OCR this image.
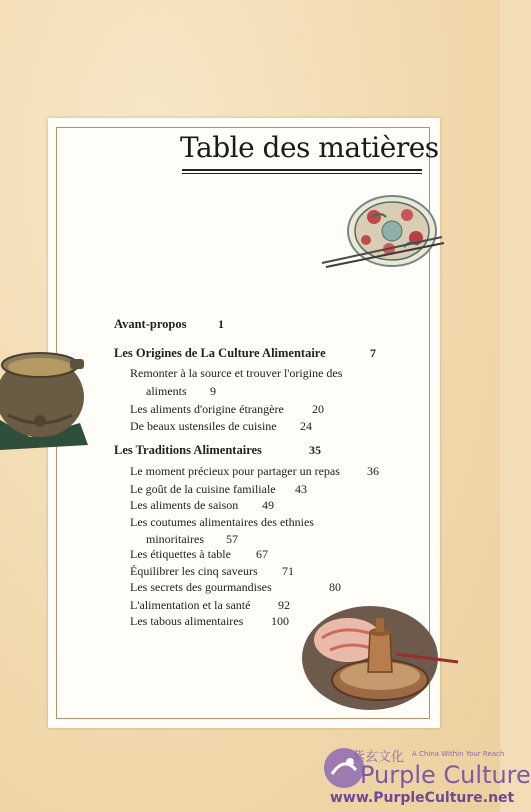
Table des matières
Avant-propos	1
Les Origines de La Culture Alimentaire	7
Remonter à la source et trouver l'origine des
aliments 9
Les aliments d'origine étrangère 20
De beaux ustensiles de cuisine 24
Les Traditions Alimentaires	35
Le moment précieux pour partager un repas 36
Le goût de la cuisine familiale 43
Les aliments de saison 49
Les coutumes alimentaires des ethnies
minoritaires 57
Les étiquettes à table 67
Équilibrer les cinq saveurs 71
Les secrets des gourmandises	80
L'alimentation et la santé 92
Les tabous alimentaires 100
紫玄文化 A China Within Your Reach
Purple Culture
www.PurpleCulture.net
